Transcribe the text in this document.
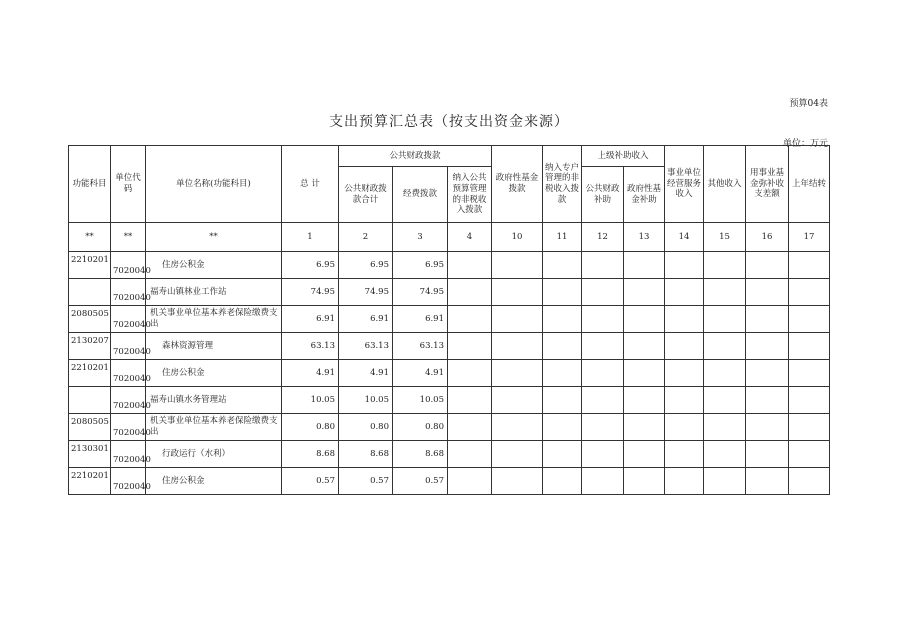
预算04表
支出预算汇总表（按支出资金来源）
单位：万元
功能科目	单位代码	单位名称(功能科目)	总 计	公共财政拨款			政府性基金拨款	纳入专户管理的非税收入拨款	上级补助收入		事业单位经营服务收入	其他收入	用事业基金弥补收支差额	上年结转
				公共财政拨款合计	经费拨款	纳入公共预算管理的非税收入拨款			公共财政补助	政府性基金补助				
**	**	**	1	2	3	4	10	11	12	13	14	15	16	17
2210201	7020040	住房公积金	6.95	6.95	6.95									
	7020040	福寿山镇林业工作站	74.95	74.95	74.95									
2080505	7020040	机关事业单位基本养老保险缴费支出	6.91	6.91	6.91									
2130207	7020040	森林资源管理	63.13	63.13	63.13									
2210201	7020040	住房公积金	4.91	4.91	4.91									
	7020040	福寿山镇水务管理站	10.05	10.05	10.05									
2080505	7020040	机关事业单位基本养老保险缴费支出	0.80	0.80	0.80									
2130301	7020040	行政运行（水利）	8.68	8.68	8.68									
2210201	7020040	住房公积金	0.57	0.57	0.57									
